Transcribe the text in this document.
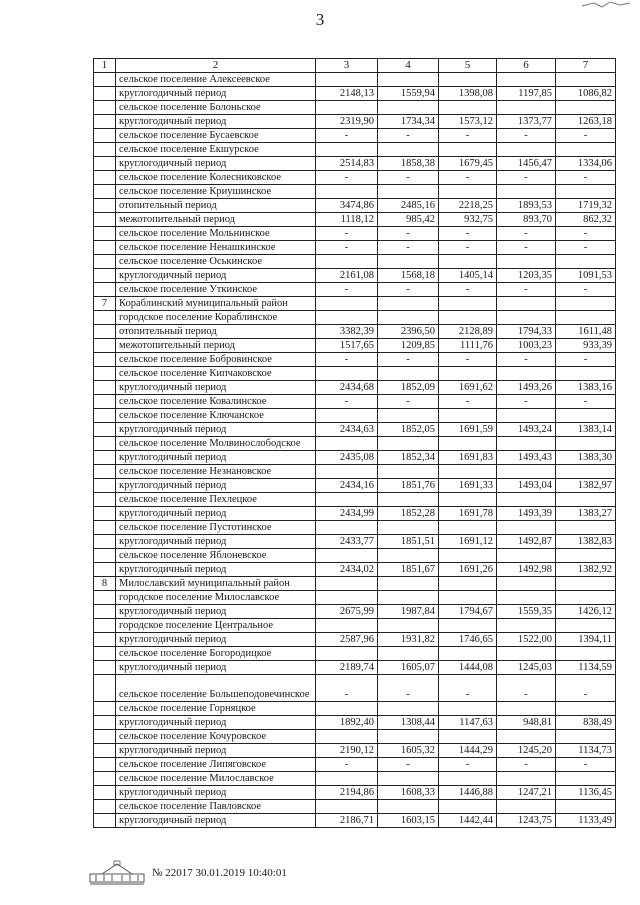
3
1	2	3	4	5	6	7
	сельское поселение Алексеевское					
	круглогодичный период	2148,13	1559,94	1398,08	1197,85	1086,82
	сельское поселение Болоньское					
	круглогодичный период	2319,90	1734,34	1573,12	1373,77	1263,18
	сельское поселение Бусаевское	-	-	-	-	-
	сельское поселение Екшурское					
	круглогодичный период	2514,83	1858,38	1679,45	1456,47	1334,06
	сельское поселение Колесниковское	-	-	-	-	-
	сельское поселение Криушинское					
	отопительный период	3474,86	2485,16	2218,25	1893,53	1719,32
	межотопительный период	1118,12	985,42	932,75	893,70	862,32
	сельское поселение Мольнинское	-	-	-	-	-
	сельское поселение Ненашкинское	-	-	-	-	-
	сельское поселение Оськинское					
	круглогодичный период	2161,08	1568,18	1405,14	1203,35	1091,53
	сельское поселение Уткинское	-	-	-	-	-
7	Кораблинский муниципальный район					
	городское поселение Кораблинское					
	отопительный период	3382,39	2396,50	2128,89	1794,33	1611,48
	межотопительный период	1517,65	1209,85	1111,76	1003,23	933,39
	сельское поселение Бобровинское	-	-	-	-	-
	сельское поселение Кипчаковское					
	круглогодичный период	2434,68	1852,09	1691,62	1493,26	1383,16
	сельское поселение Ковалинское	-	-	-	-	-
	сельское поселение Ключанское					
	круглогодичный период	2434,63	1852,05	1691,59	1493,24	1383,14
	сельское поселение Молвинослободское					
	круглогодичный период	2435,08	1852,34	1691,83	1493,43	1383,30
	сельское поселение Незнановское					
	круглогодичный период	2434,16	1851,76	1691,33	1493,04	1382,97
	сельское поселение Пехлецкое					
	круглогодичный период	2434,99	1852,28	1691,78	1493,39	1383,27
	сельское поселение Пустотинское					
	круглогодичный период	2433,77	1851,51	1691,12	1492,87	1382,83
	сельское поселение Яблоневское					
	круглогодичный период	2434,02	1851,67	1691,26	1492,98	1382,92
8	Милославский муниципальный район					
	городское поселение Милославское					
	круглогодичный период	2675,99	1987,84	1794,67	1559,35	1426,12
	городское поселение Центральное					
	круглогодичный период	2587,96	1931,82	1746,65	1522,00	1394,11
	сельское поселение Богородицкое					
	круглогодичный период	2189,74	1605,07	1444,08	1245,03	1134,59
	сельское поселение Большеподовечинское	-	-	-	-	-
	сельское поселение Горняцкое					
	круглогодичный период	1892,40	1308,44	1147,63	948,81	838,49
	сельское поселение Кочуровское					
	круглогодичный период	2190,12	1605,32	1444,29	1245,20	1134,73
	сельское поселение Липяговское	-	-	-	-	-
	сельское поселение Милославское					
	круглогодичный период	2194,86	1608,33	1446,88	1247,21	1136,45
	сельское поселение Павловское					
	круглогодичный период	2186,71	1603,15	1442,44	1243,75	1133,49
№ 22017 30.01.2019 10:40:01
